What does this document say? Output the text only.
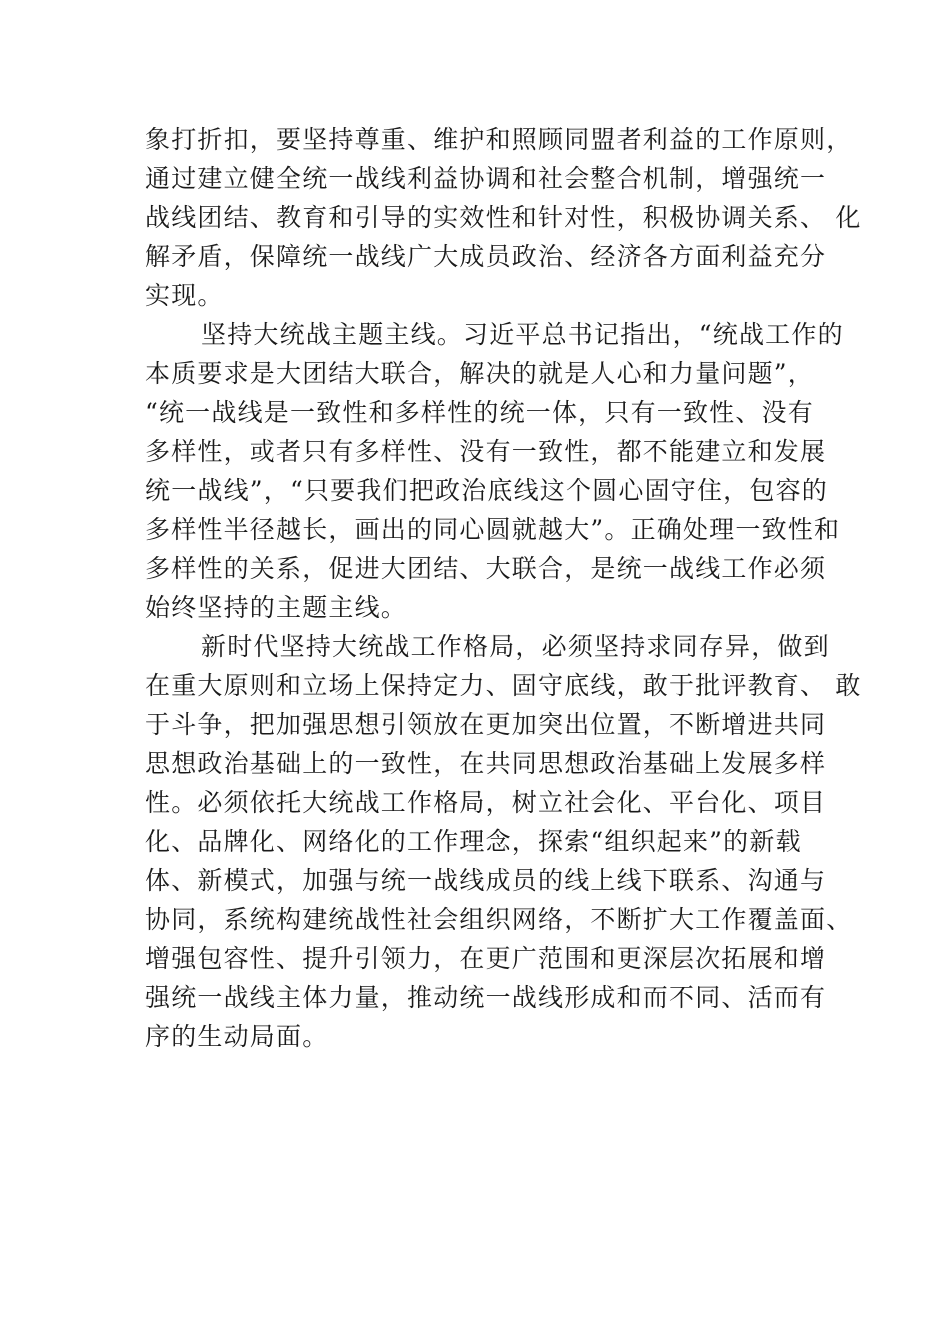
象打折扣，要坚持尊重、维护和照顾同盟者利益的工作原则，
通过建立健全统一战线利益协调和社会整合机制，增强统一
战线团结、教育和引导的实效性和针对性，积极协调关系、 化
解矛盾，保障统一战线广大成员政治、经济各方面利益充分
实现。
坚持大统战主题主线。习近平总书记指出，“统战工作的
本质要求是大团结大联合，解决的就是人心和力量问题”，
“统一战线是一致性和多样性的统一体，只有一致性、没有
多样性，或者只有多样性、没有一致性，都不能建立和发展
统一战线”，“只要我们把政治底线这个圆心固守住，包容的
多样性半径越长，画出的同心圆就越大”。正确处理一致性和
多样性的关系，促进大团结、大联合，是统一战线工作必须
始终坚持的主题主线。
新时代坚持大统战工作格局，必须坚持求同存异，做到
在重大原则和立场上保持定力、固守底线，敢于批评教育、 敢
于斗争，把加强思想引领放在更加突出位置，不断增进共同
思想政治基础上的一致性，在共同思想政治基础上发展多样
性。必须依托大统战工作格局，树立社会化、平台化、项目
化、品牌化、网络化的工作理念，探索“组织起来”的新载
体、新模式，加强与统一战线成员的线上线下联系、沟通与
协同，系统构建统战性社会组织网络，不断扩大工作覆盖面、
增强包容性、提升引领力，在更广范围和更深层次拓展和增
强统一战线主体力量，推动统一战线形成和而不同、活而有
序的生动局面。
